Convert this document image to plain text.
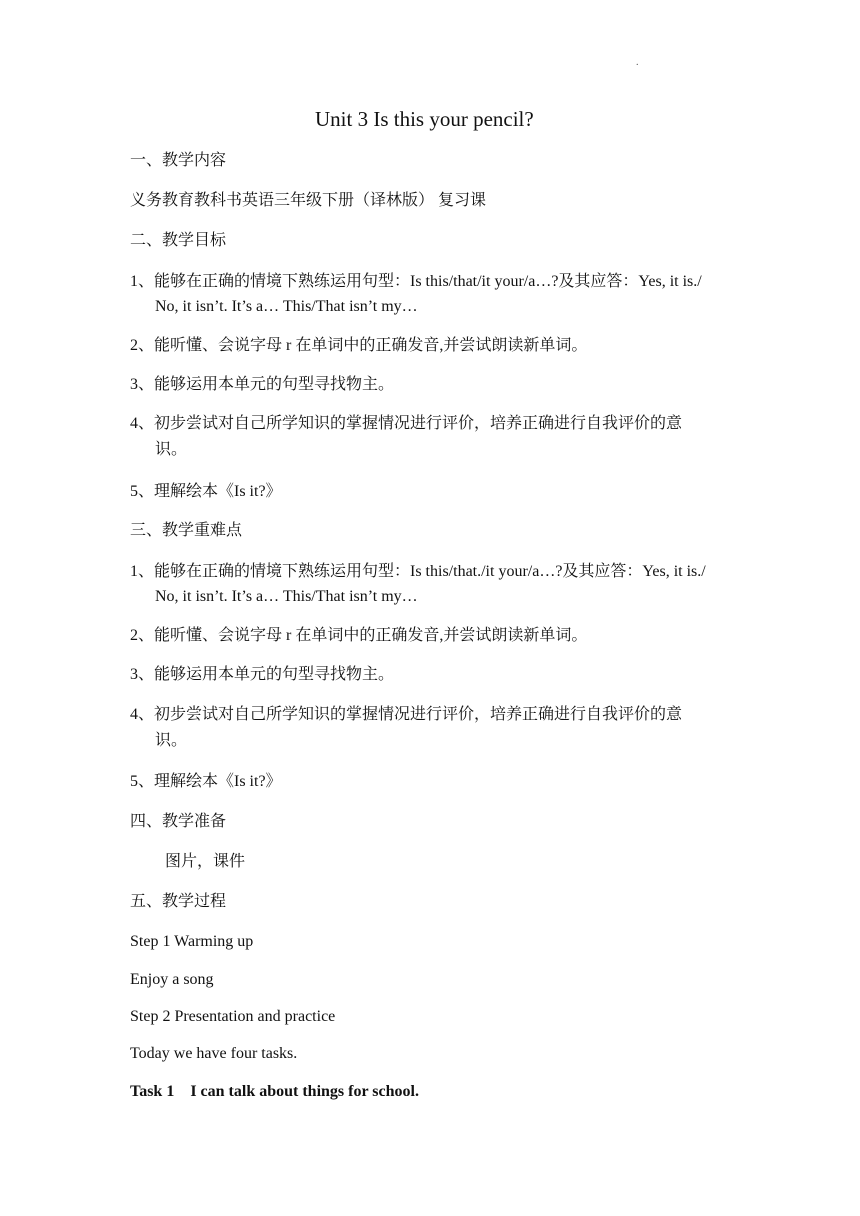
.
Unit 3 Is this your pencil?
一、教学内容
义务教育教科书英语三年级下册（译林版） 复习课
二、教学目标
1、能够在正确的情境下熟练运用句型：Is this/that/it your/a…?及其应答：Yes, it is./
No, it isn’t. It’s a… This/That isn’t my…
2、能听懂、会说字母 r 在单词中的正确发音,并尝试朗读新单词。
3、能够运用本单元的句型寻找物主。
4、初步尝试对自己所学知识的掌握情况进行评价，培养正确进行自我评价的意
识。
5、理解绘本《Is it?》
三、教学重难点
1、能够在正确的情境下熟练运用句型：Is this/that./it your/a…?及其应答：Yes, it is./
No, it isn’t. It’s a… This/That isn’t my…
2、能听懂、会说字母 r 在单词中的正确发音,并尝试朗读新单词。
3、能够运用本单元的句型寻找物主。
4、初步尝试对自己所学知识的掌握情况进行评价，培养正确进行自我评价的意
识。
5、理解绘本《Is it?》
四、教学准备
图片，课件
五、教学过程
Step 1 Warming up
Enjoy a song
Step 2 Presentation and practice
Today we have four tasks.
Task 1    I can talk about things for school.
